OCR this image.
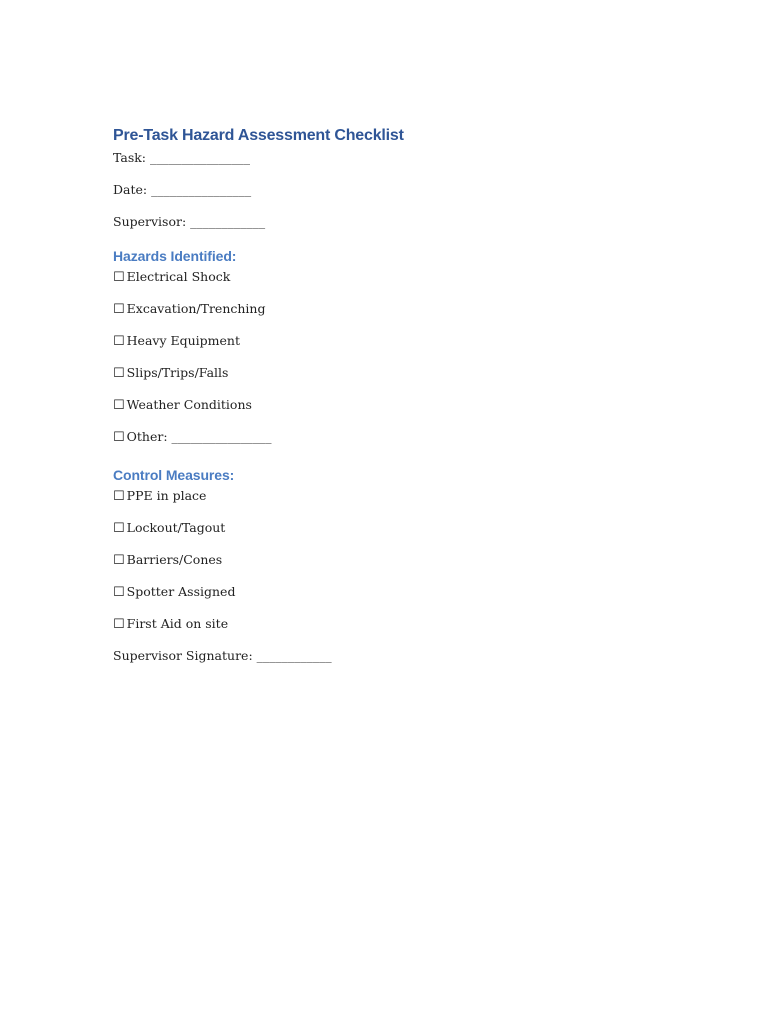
Pre-Task Hazard Assessment Checklist

Task: ________________

Date: ________________

Supervisor: ____________

Hazards Identified:

☐ Electrical Shock

☐ Excavation/Trenching

☐ Heavy Equipment

☐ Slips/Trips/Falls

☐ Weather Conditions

☐ Other: ________________

Control Measures:

☐ PPE in place

☐ Lockout/Tagout

☐ Barriers/Cones

☐ Spotter Assigned

☐ First Aid on site

Supervisor Signature: ____________
